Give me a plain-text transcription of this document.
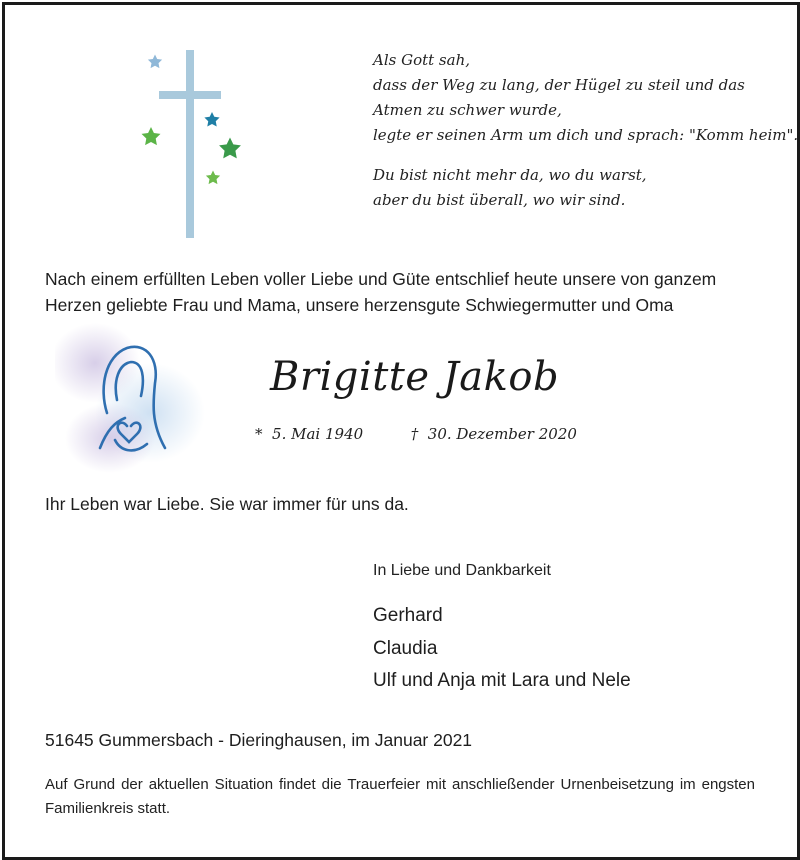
Als Gott sah,
dass der Weg zu lang, der Hügel zu steil und das
Atmen zu schwer wurde,
legte er seinen Arm um dich und sprach: "Komm heim".
Du bist nicht mehr da, wo du warst,
aber du bist überall, wo wir sind.
Nach einem erfüllten Leben voller Liebe und Güte entschlief heute unsere von ganzem
Herzen geliebte Frau und Mama, unsere herzensgute Schwiegermutter und Oma
Brigitte Jakob
* 5. Mai 1940	† 30. Dezember 2020
Ihr Leben war Liebe. Sie war immer für uns da.
In Liebe und Dankbarkeit
Gerhard
Claudia
Ulf und Anja mit Lara und Nele
51645 Gummersbach - Dieringhausen, im Januar 2021
Auf Grund der aktuellen Situation findet die Trauerfeier mit anschließender Urnenbeisetzung im engsten Familienkreis statt.
